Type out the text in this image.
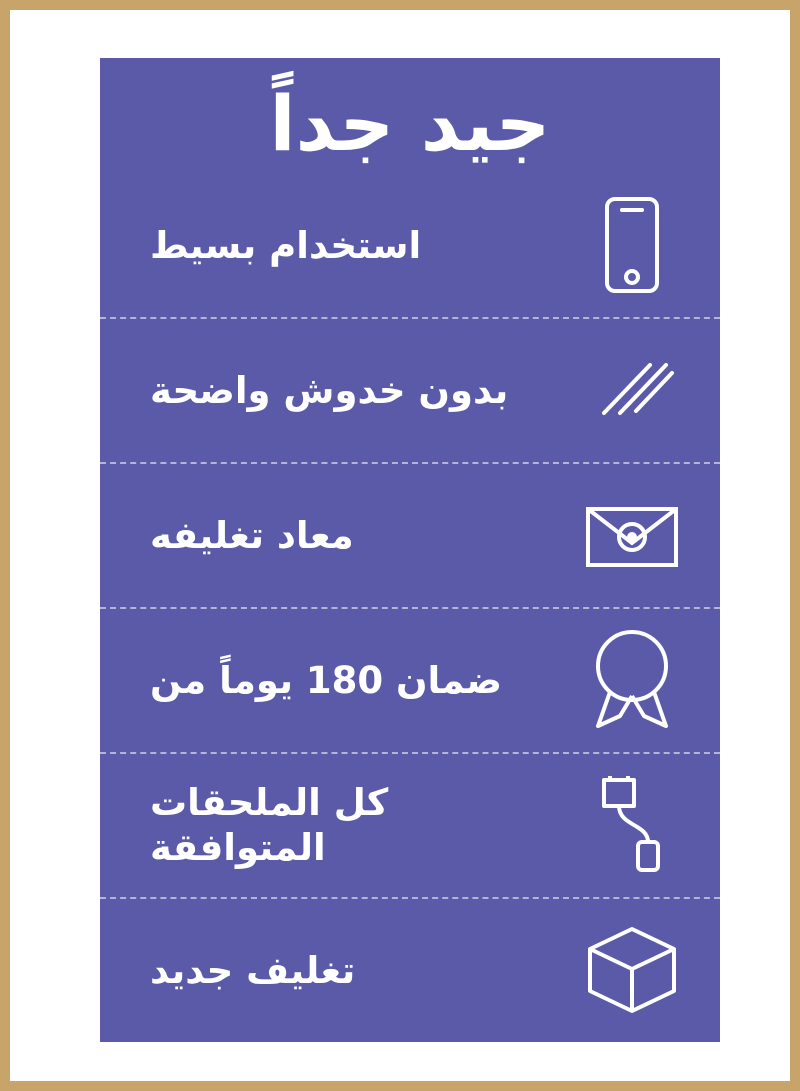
جيد جداً
استخدام بسيط
بدون خدوش واضحة
معاد تغليفه
ضمان 180 يوماً من
كل الملحقات المتوافقة
تغليف جديد
